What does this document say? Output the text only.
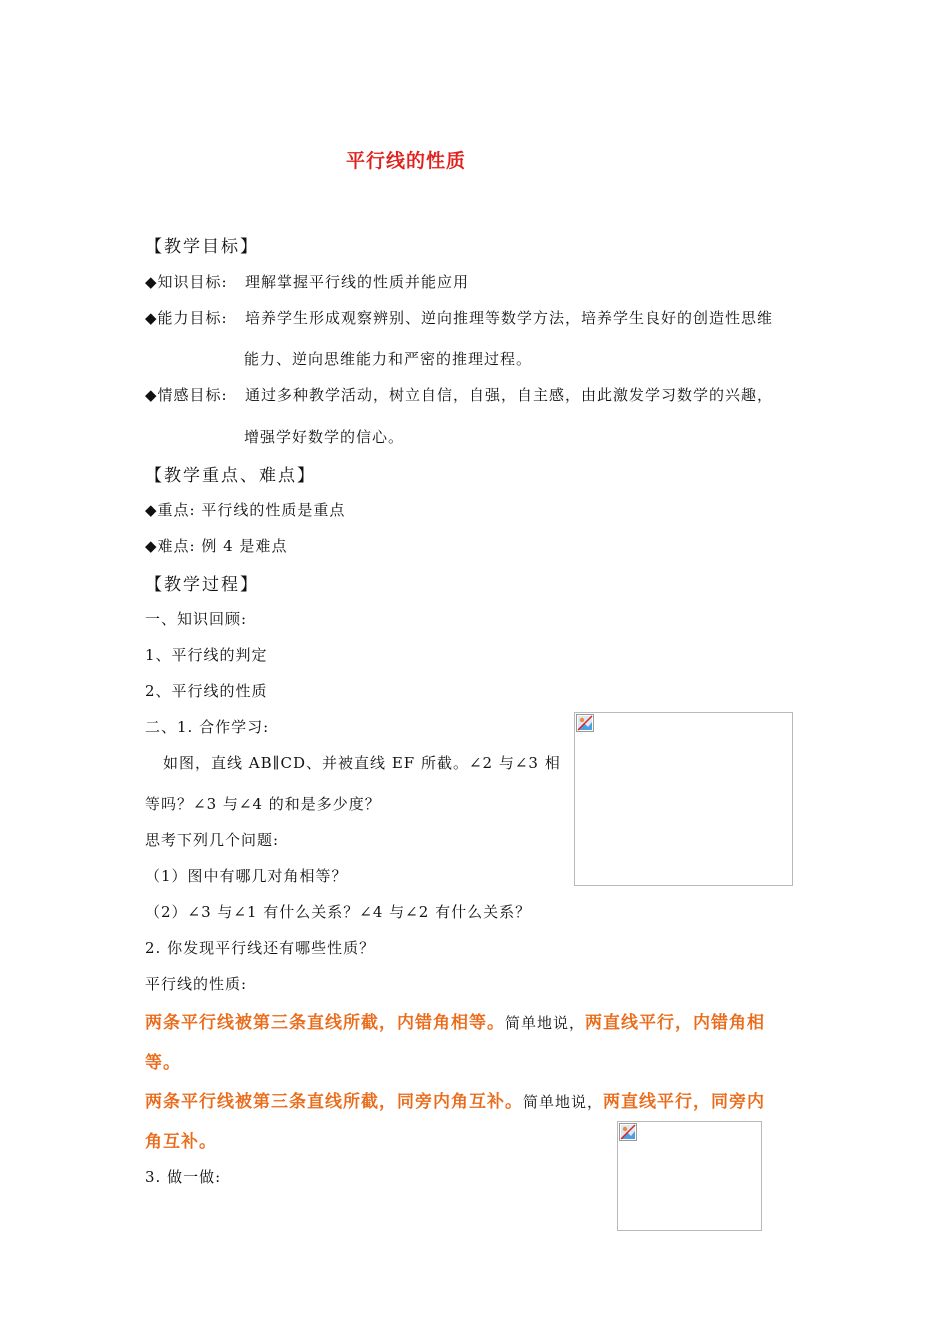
平行线的性质
【教学目标】
◆知识目标: 理解掌握平行线的性质并能应用
◆能力目标: 培养学生形成观察辨别、逆向推理等数学方法，培养学生良好的创造性思维
能力、逆向思维能力和严密的推理过程。
◆情感目标: 通过多种教学活动，树立自信，自强，自主感，由此激发学习数学的兴趣，
增强学好数学的信心。
【教学重点、难点】
◆重点: 平行线的性质是重点
◆难点: 例 4 是难点
【教学过程】
一、知识回顾:
1、平行线的判定
2、平行线的性质
二、1. 合作学习:
如图，直线 AB∥CD、并被直线 EF 所截。∠2 与∠3 相
等吗？∠3 与∠4 的和是多少度？
思考下列几个问题:
（1）图中有哪几对角相等？
（2）∠3 与∠1 有什么关系？∠4 与∠2 有什么关系？
2. 你发现平行线还有哪些性质？
平行线的性质:
两条平行线被第三条直线所截，内错角相等。简单地说，两直线平行，内错角相
等。
两条平行线被第三条直线所截，同旁内角互补。简单地说，两直线平行，同旁内
角互补。
3. 做一做:
